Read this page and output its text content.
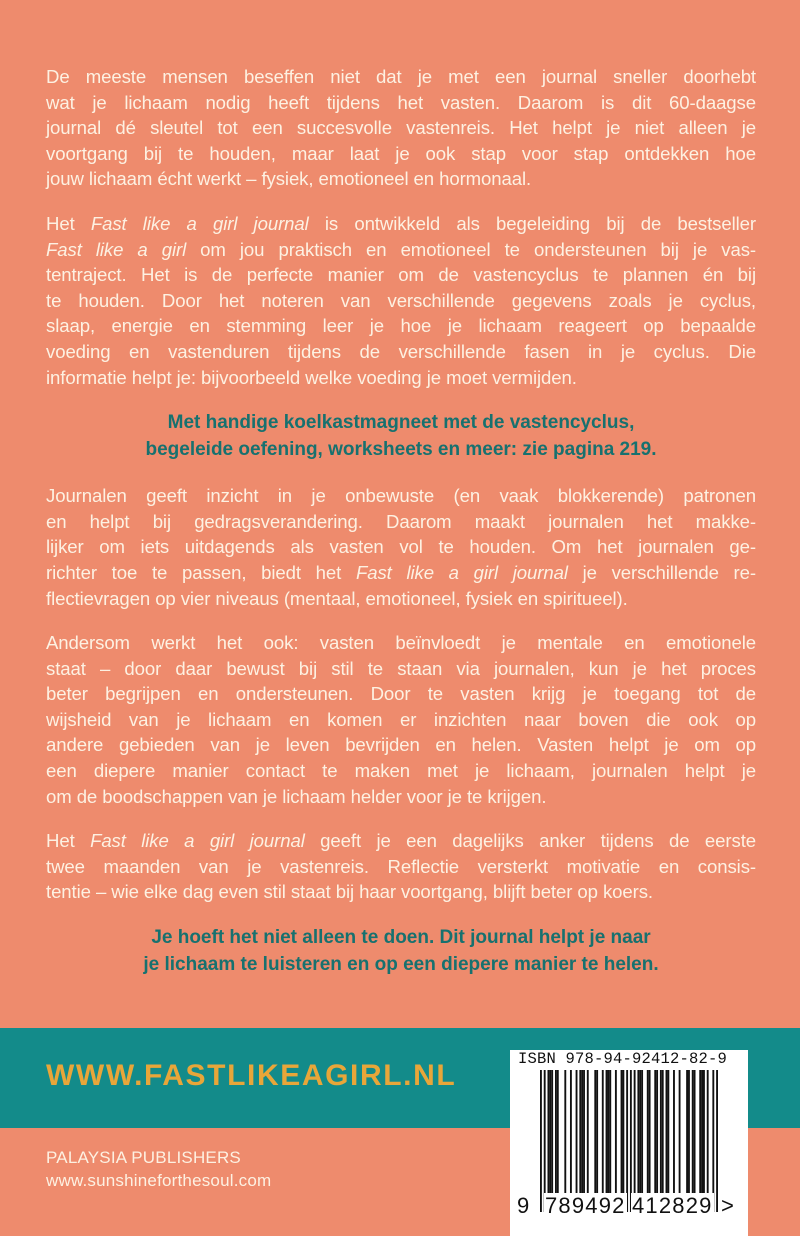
De meeste mensen beseffen niet dat je met een journal sneller doorhebt
wat je lichaam nodig heeft tijdens het vasten. Daarom is dit 60-daagse
journal dé sleutel tot een succesvolle vastenreis. Het helpt je niet alleen je
voortgang bij te houden, maar laat je ook stap voor stap ontdekken hoe
jouw lichaam écht werkt – fysiek, emotioneel en hormonaal.
Het Fast like a girl journal is ontwikkeld als begeleiding bij de bestseller
Fast like a girl om jou praktisch en emotioneel te ondersteunen bij je vas-
tentraject. Het is de perfecte manier om de vastencyclus te plannen én bij
te houden. Door het noteren van verschillende gegevens zoals je cyclus,
slaap, energie en stemming leer je hoe je lichaam reageert op bepaalde
voeding en vastenduren tijdens de verschillende fasen in je cyclus. Die
informatie helpt je: bijvoorbeeld welke voeding je moet vermijden.
Met handige koelkastmagneet met de vastencyclus,
begeleide oefening, worksheets en meer: zie pagina 219.
Journalen geeft inzicht in je onbewuste (en vaak blokkerende) patronen
en helpt bij gedragsverandering. Daarom maakt journalen het makke-
lijker om iets uitdagends als vasten vol te houden. Om het journalen ge-
richter toe te passen, biedt het Fast like a girl journal je verschillende re-
flectievragen op vier niveaus (mentaal, emotioneel, fysiek en spiritueel).
Andersom werkt het ook: vasten beïnvloedt je mentale en emotionele
staat – door daar bewust bij stil te staan via journalen, kun je het proces
beter begrijpen en ondersteunen. Door te vasten krijg je toegang tot de
wijsheid van je lichaam en komen er inzichten naar boven die ook op
andere gebieden van je leven bevrijden en helen. Vasten helpt je om op
een diepere manier contact te maken met je lichaam, journalen helpt je
om de boodschappen van je lichaam helder voor je te krijgen.
Het Fast like a girl journal geeft je een dagelijks anker tijdens de eerste
twee maanden van je vastenreis. Reflectie versterkt motivatie en consis-
tentie – wie elke dag even stil staat bij haar voortgang, blijft beter op koers.
Je hoeft het niet alleen te doen. Dit journal helpt je naar
je lichaam te luisteren en op een diepere manier te helen.
WWW.FASTLIKEAGIRL.NL
PALAYSIA PUBLISHERS
www.sunshineforthesoul.com
ISBN 978-94-92412-82-9
9 789492 412829 >
